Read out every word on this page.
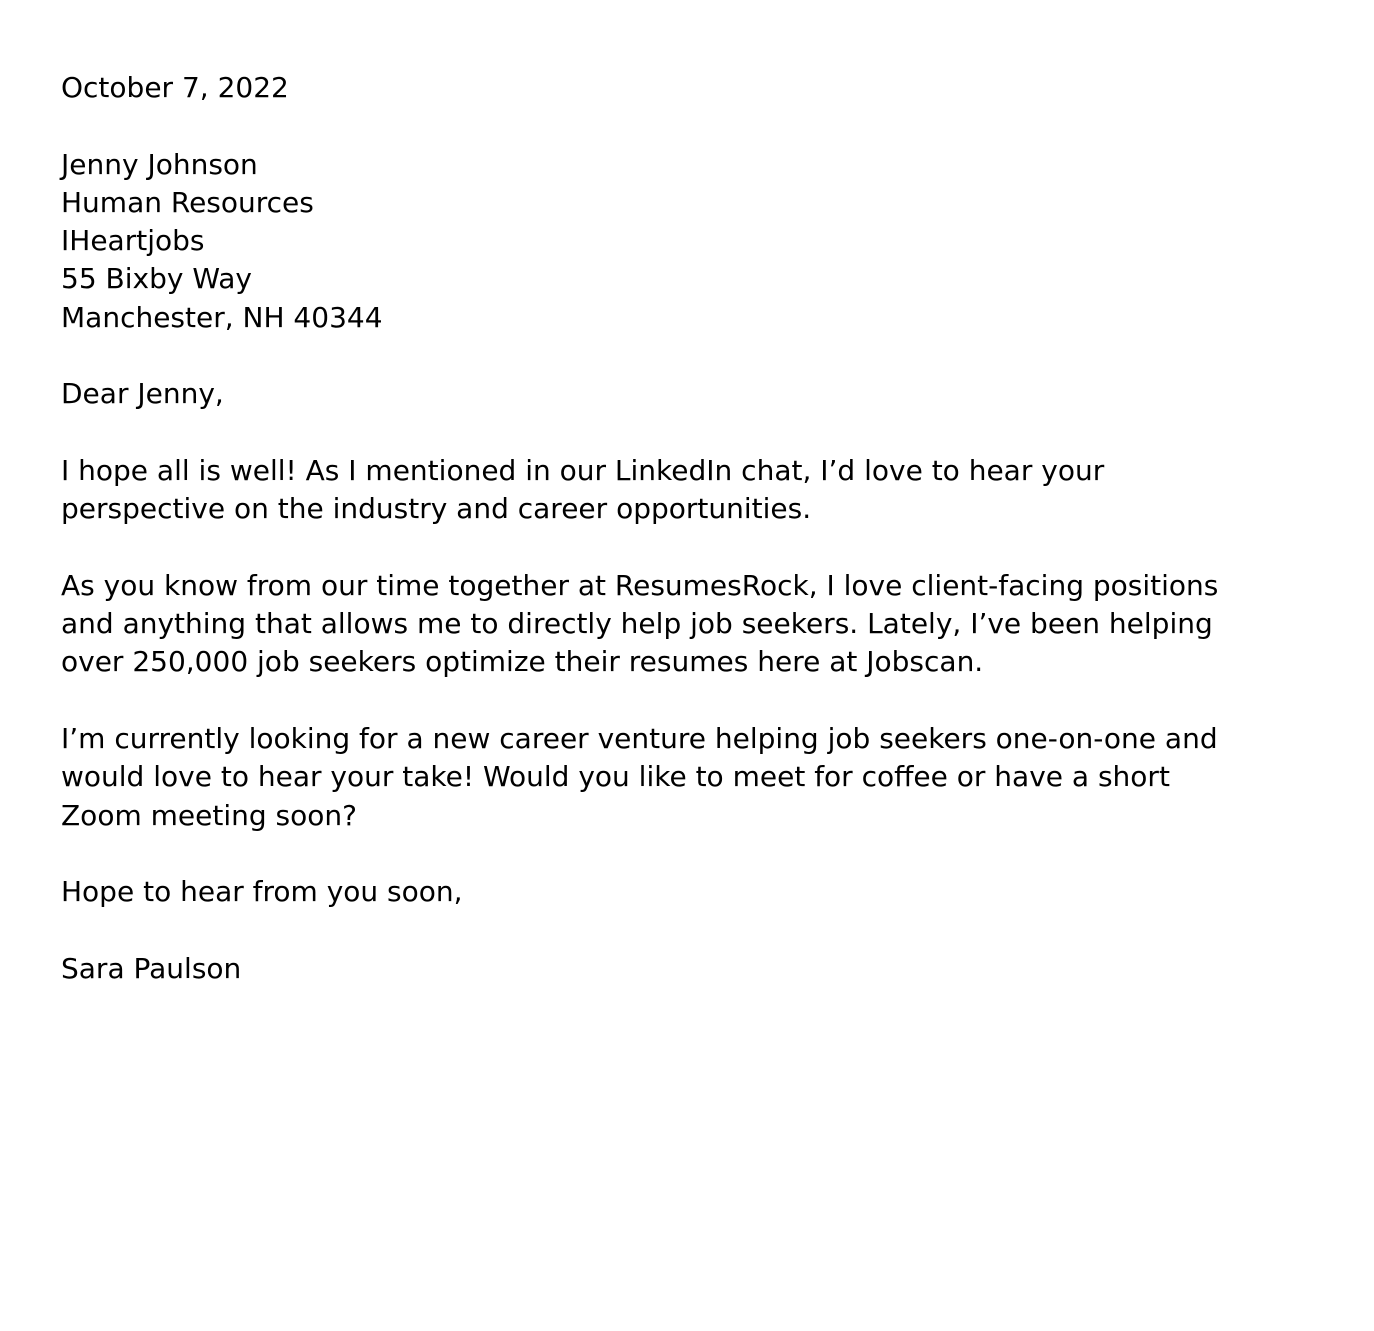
October 7, 2022
Jenny Johnson
Human Resources
IHeartjobs
55 Bixby Way
Manchester, NH 40344
Dear Jenny,
I hope all is well! As I mentioned in our LinkedIn chat, I’d love to hear your
perspective on the industry and career opportunities.
As you know from our time together at ResumesRock, I love client-facing positions
and anything that allows me to directly help job seekers. Lately, I’ve been helping
over 250,000 job seekers optimize their resumes here at Jobscan.
I’m currently looking for a new career venture helping job seekers one-on-one and
would love to hear your take! Would you like to meet for coffee or have a short
Zoom meeting soon?
Hope to hear from you soon,
Sara Paulson
